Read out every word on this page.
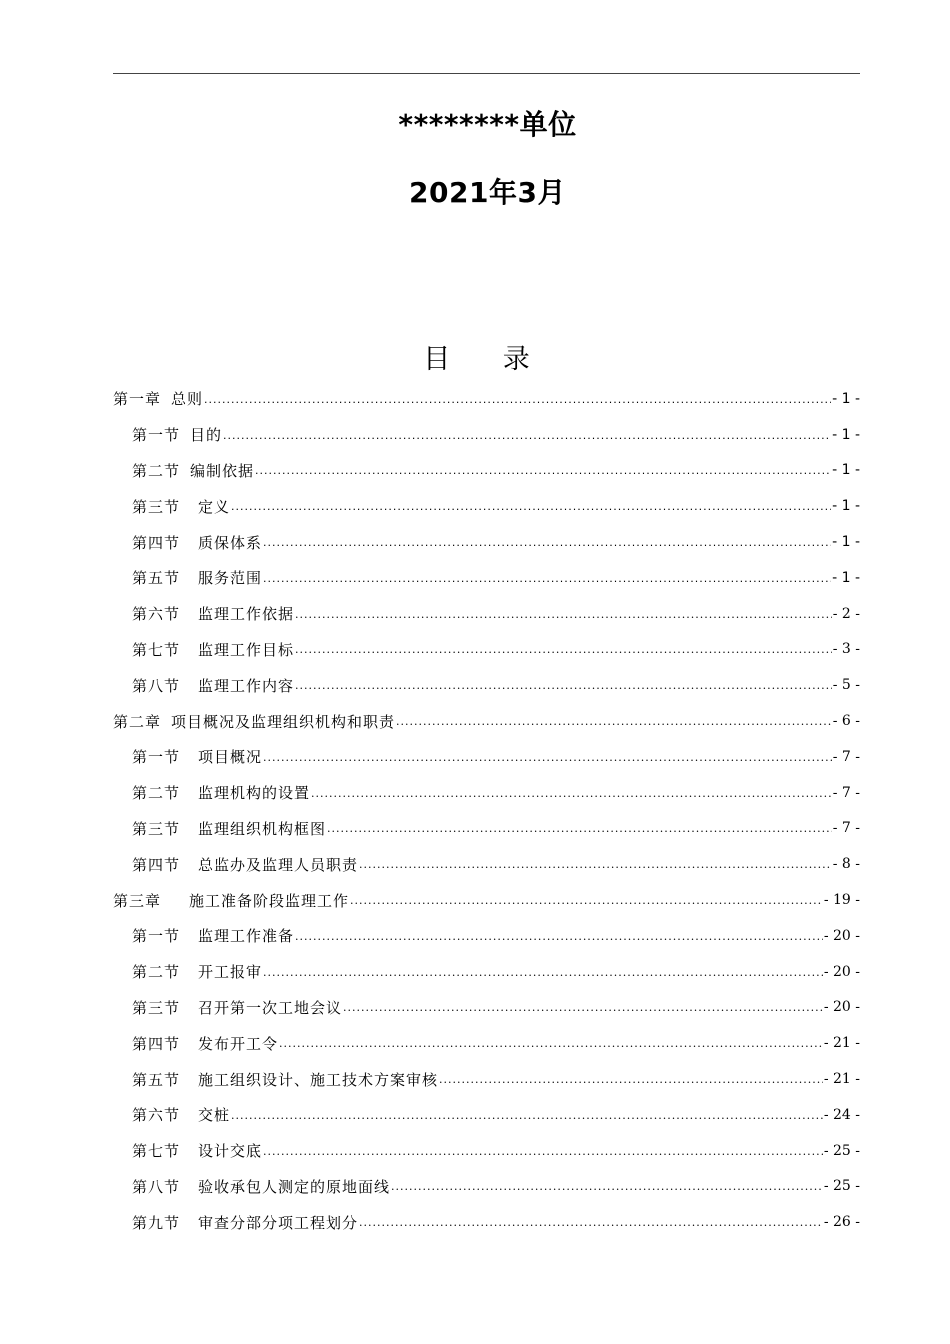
********单位
2021年3月
目 录
第一章 总则 .....	- 1 -
第一节 目的 .....	- 1 -
第二节 编制依据 .....	- 1 -
第三节 定义 .....	- 1 -
第四节 质保体系 .....	- 1 -
第五节 服务范围 .....	- 1 -
第六节 监理工作依据 .....	- 2 -
第七节 监理工作目标 .....	- 3 -
第八节 监理工作内容 .....	- 5 -
第二章 项目概况及监理组织机构和职责 .....	- 6 -
第一节 项目概况 .....	- 7 -
第二节 监理机构的设置 .....	- 7 -
第三节 监理组织机构框图 .....	- 7 -
第四节 总监办及监理人员职责 .....	- 8 -
第三章 施工准备阶段监理工作 .....	- 19 -
第一节 监理工作准备 .....	- 20 -
第二节 开工报审 .....	- 20 -
第三节 召开第一次工地会议 .....	- 20 -
第四节 发布开工令 .....	- 21 -
第五节 施工组织设计、施工技术方案审核 .....	- 21 -
第六节 交桩 .....	- 24 -
第七节 设计交底 .....	- 25 -
第八节 验收承包人测定的原地面线 .....	- 25 -
第九节 审查分部分项工程划分 .....	- 26 -
